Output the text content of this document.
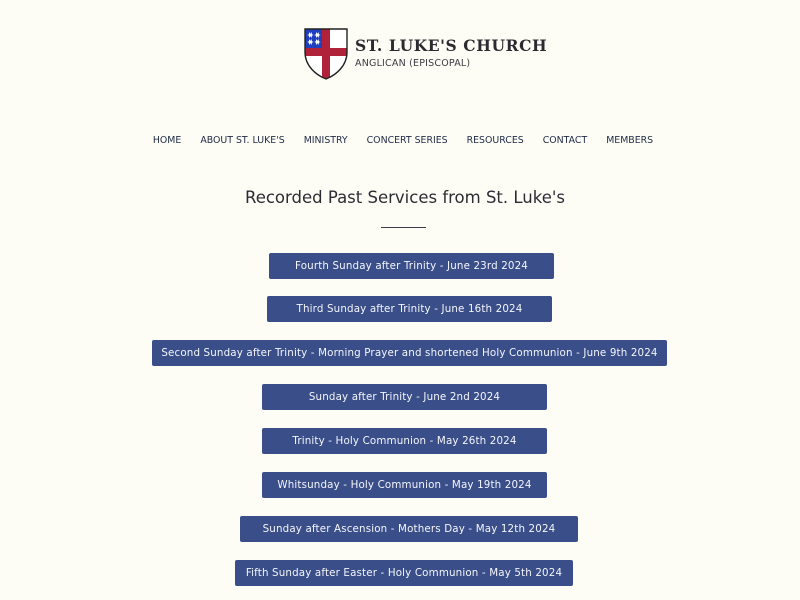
ST. LUKE'S CHURCH
ANGLICAN (EPISCOPAL)
HOME ABOUT ST. LUKE'S MINISTRY CONCERT SERIES RESOURCES CONTACT MEMBERS
Recorded Past Services from St. Luke's
Fourth Sunday after Trinity - June 23rd 2024
Third Sunday after Trinity - June 16th 2024
Second Sunday after Trinity - Morning Prayer and shortened Holy Communion - June 9th 2024
Sunday after Trinity - June 2nd 2024
Trinity - Holy Communion - May 26th 2024
Whitsunday - Holy Communion - May 19th 2024
Sunday after Ascension - Mothers Day - May 12th 2024
Fifth Sunday after Easter - Holy Communion - May 5th 2024
